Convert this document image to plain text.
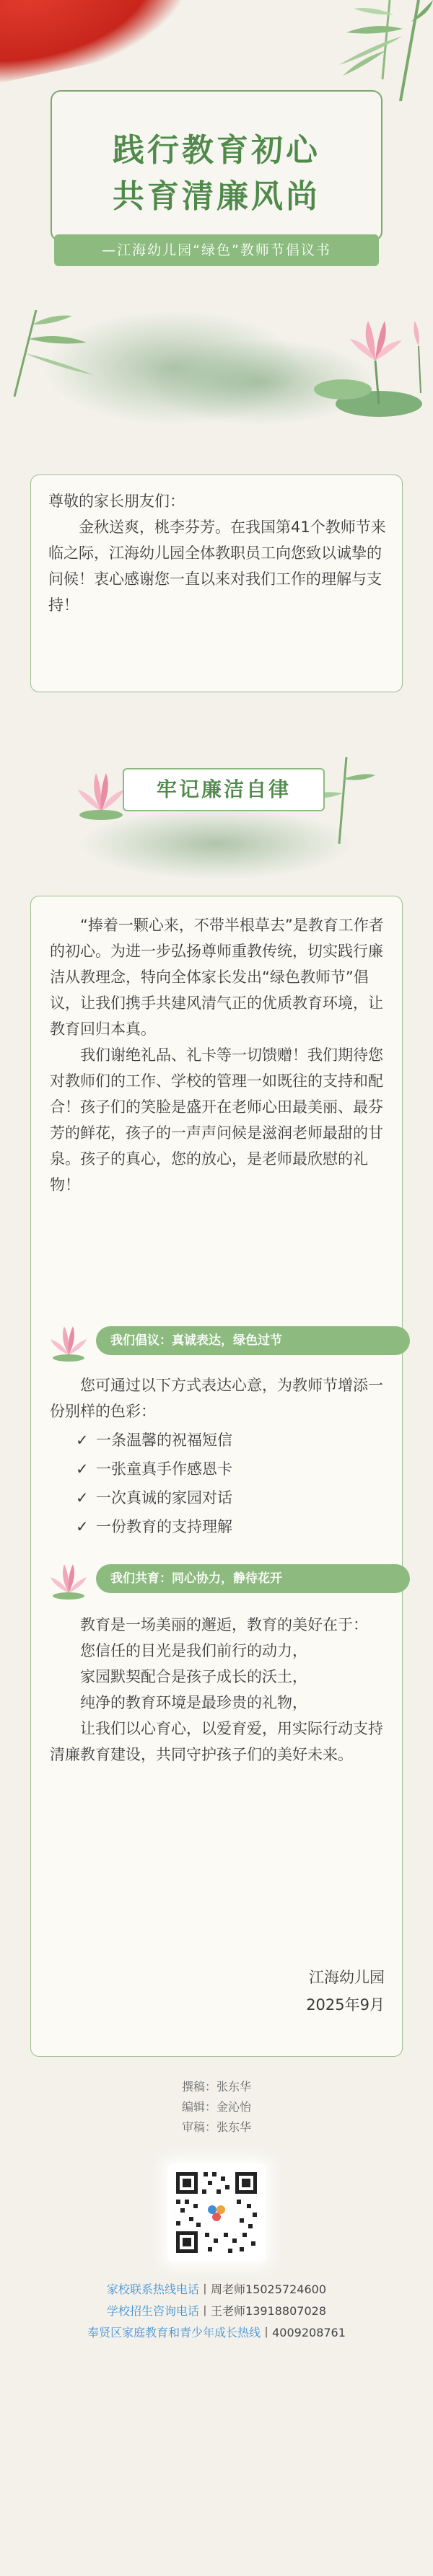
践行教育初心
共育清廉风尚
—江海幼儿园“绿色”教师节倡议书

尊敬的家长朋友们：

金秋送爽，桃李芬芳。在我国第41个教师节来临之际，江海幼儿园全体教职员工向您致以诚挚的问候！衷心感谢您一直以来对我们工作的理解与支持！

牢记廉洁自律

“捧着一颗心来，不带半根草去”是教育工作者的初心。为进一步弘扬尊师重教传统，切实践行廉洁从教理念，特向全体家长发出“绿色教师节”倡议，让我们携手共建风清气正的优质教育环境，让教育回归本真。

我们谢绝礼品、礼卡等一切馈赠！我们期待您对教师们的工作、学校的管理一如既往的支持和配合！孩子们的笑脸是盛开在老师心田最美丽、最芬芳的鲜花，孩子的一声声问候是滋润老师最甜的甘泉。孩子的真心，您的放心，是老师最欣慰的礼物！

我们倡议：真诚表达，绿色过节

您可通过以下方式表达心意，为教师节增添一份别样的色彩：

✓ 一条温馨的祝福短信
✓ 一张童真手作感恩卡
✓ 一次真诚的家园对话
✓ 一份教育的支持理解
我们共育：同心协力，静待花开

教育是一场美丽的邂逅，教育的美好在于：

您信任的目光是我们前行的动力，

家园默契配合是孩子成长的沃土，

纯净的教育环境是最珍贵的礼物，

让我们以心育心，以爱育爱，用实际行动支持清廉教育建设，共同守护孩子们的美好未来。

江海幼儿园
2025年9月
撰稿：张东华
编辑：金沁怡
审稿：张东华
家校联系热线电话丨周老师15025724600
学校招生咨询电话丨王老师13918807028
奉贤区家庭教育和青少年成长热线丨4009208761
